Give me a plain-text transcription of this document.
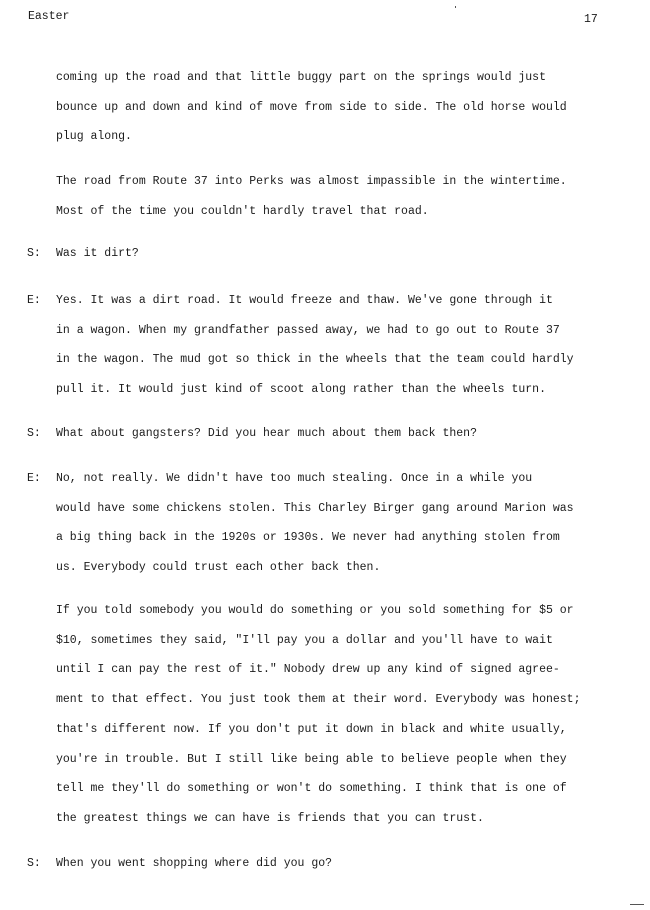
Easter	17
coming up the road and that little buggy part on the springs would just
bounce up and down and kind of move from side to side. The old horse would
plug along.
The road from Route 37 into Perks was almost impassible in the wintertime.
Most of the time you couldn't hardly travel that road.
S: Was it dirt?
E: Yes. It was a dirt road. It would freeze and thaw. We've gone through it
in a wagon. When my grandfather passed away, we had to go out to Route 37
in the wagon. The mud got so thick in the wheels that the team could hardly
pull it. It would just kind of scoot along rather than the wheels turn.
S: What about gangsters? Did you hear much about them back then?
E: No, not really. We didn't have too much stealing. Once in a while you
would have some chickens stolen. This Charley Birger gang around Marion was
a big thing back in the 1920s or 1930s. We never had anything stolen from
us. Everybody could trust each other back then.
If you told somebody you would do something or you sold something for $5 or
$10, sometimes they said, "I'll pay you a dollar and you'll have to wait
until I can pay the rest of it." Nobody drew up any kind of signed agree-
ment to that effect. You just took them at their word. Everybody was honest;
that's different now. If you don't put it down in black and white usually,
you're in trouble. But I still like being able to believe people when they
tell me they'll do something or won't do something. I think that is one of
the greatest things we can have is friends that you can trust.
S: When you went shopping where did you go?
